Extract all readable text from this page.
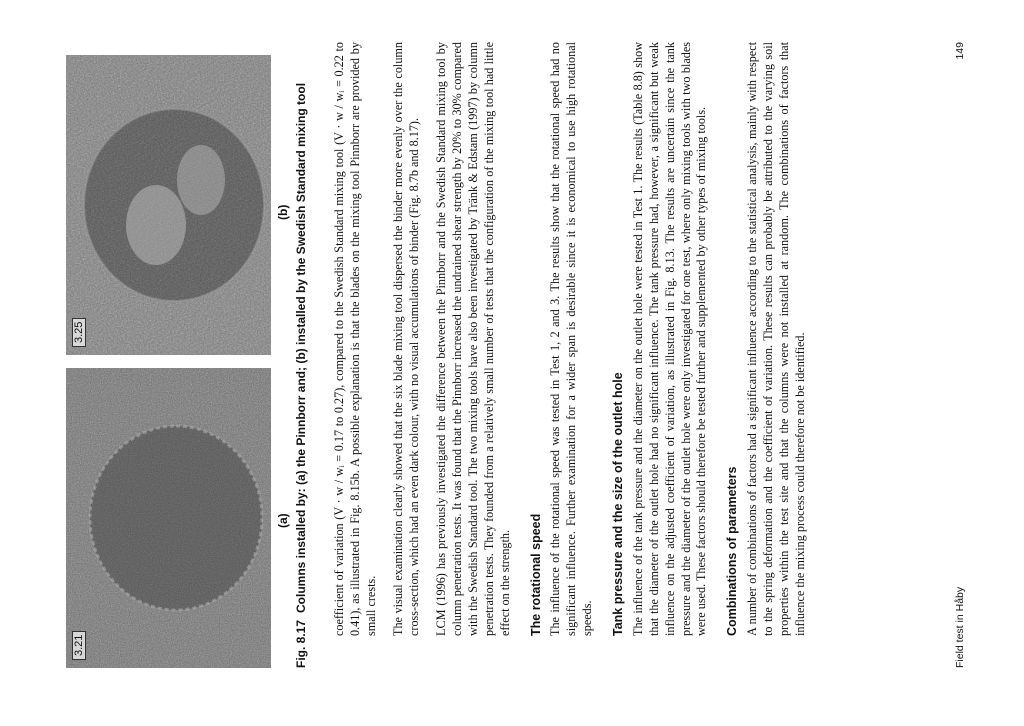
3.21
3.25
(a)
(b)
Fig. 8.17Columns installed by: (a) the Pinnborr and; (b) installed by the Swedish Standard mixing tool coefficient of variation (V · w / wᵢ = 0.17 to 0.27), compared to the Swedish Standard mixing tool (V · w / wᵢ = 0.22 to 0.41), as illustrated in Fig. 8.15b. A possible explanation is that the blades on the mixing tool Pinnborr are provided by small crests. The visual examination clearly showed that the six blade mixing tool dispersed the binder more evenly over the column cross-section, which had an even dark colour, with no visual accumulations of binder (Fig. 8.7b and 8.17). LCM (1996) has previously investigated the difference between the Pinnborr and the Swedish Standard mixing tool by column penetration tests. It was found that the Pinnborr increased the undrained shear strength by 20% to 30% compared with the Swedish Standard tool. The two mixing tools have also been investigated by Tränk & Edstam (1997) by column penetration tests. They founded from a relatively small number of tests that the configuration of the mixing tool had little effect on the strength. The rotational speed The influence of the rotational speed was tested in Test 1, 2 and 3. The results show that the rotational speed had no significant influence. Further examination for a wider span is desirable since it is economical to use high rotational speeds. Tank pressure and the size of the outlet hole The influence of the tank pressure and the diameter on the outlet hole were tested in Test 1. The results (Table 8.8) show that the diameter of the outlet hole had no significant influence. The tank pressure had, however, a significant but weak influence on the adjusted coefficient of variation, as illustrated in Fig. 8.13. The results are uncertain since the tank pressure and the diameter of the outlet hole were only investigated for one test, where only mixing tools with two blades were used. These factors should therefore be tested further and supplemented by other types of mixing tools. Combinations of parameters A number of combinations of factors had a significant influence according to the statistical analysis, mainly with respect to the spring deformation and the coefficient of variation. These results can probably be attributed to the varying soil properties within the test site and that the columns were not installed at random. The combinations of factors that influence the mixing process could therefore not be identified.	Field test in Håby
149
